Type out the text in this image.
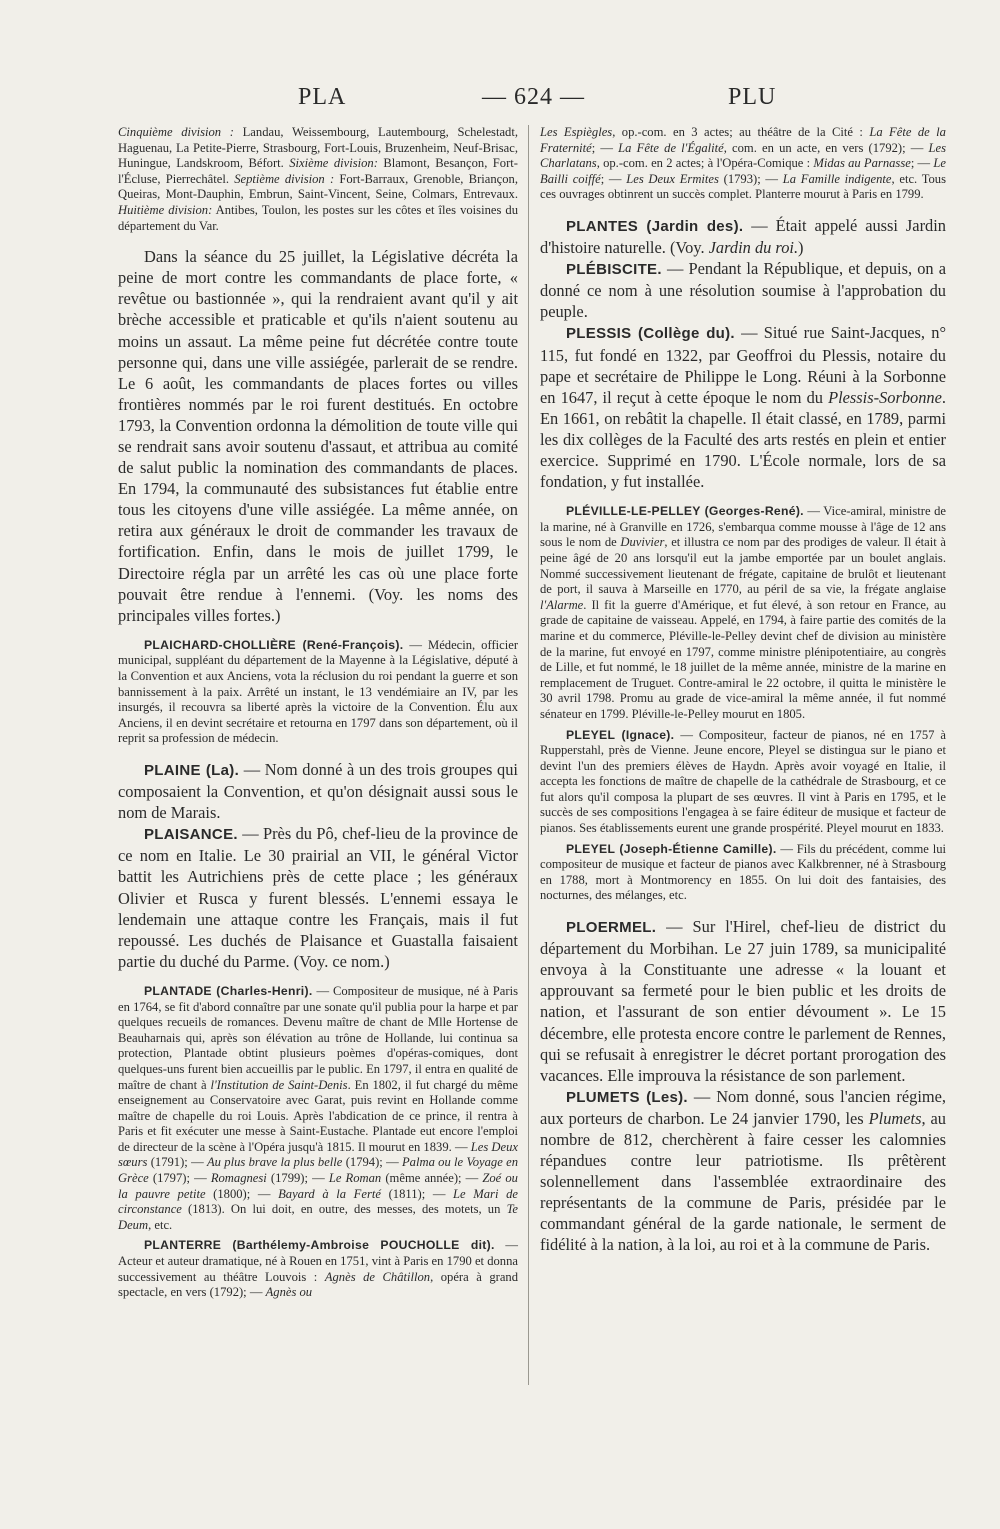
PLA	— 624 —	PLU

Cinquième division : Landau, Weissembourg, Lautembourg, Schelestadt, Haguenau, La Petite-Pierre, Strasbourg, Fort-Louis, Bruzenheim, Neuf-Brisac, Huningue, Landskroom, Béfort. Sixième division: Blamont, Besançon, Fort-l'Écluse, Pierrechâtel. Septième division : Fort-Barraux, Grenoble, Briançon, Queiras, Mont-Dauphin, Embrun, Saint-Vincent, Seine, Colmars, Entrevaux. Huitième division: Antibes, Toulon, les postes sur les côtes et îles voisines du département du Var.

Dans la séance du 25 juillet, la Législative décréta la peine de mort contre les commandants de place forte, « revêtue ou bastionnée », qui la rendraient avant qu'il y ait brèche accessible et praticable et qu'ils n'aient soutenu au moins un assaut. La même peine fut décrétée contre toute personne qui, dans une ville assiégée, parlerait de se rendre. Le 6 août, les commandants de places fortes ou villes frontières nommés par le roi furent destitués. En octobre 1793, la Convention ordonna la démolition de toute ville qui se rendrait sans avoir soutenu d'assaut, et attribua au comité de salut public la nomination des commandants de places. En 1794, la communauté des subsistances fut établie entre tous les citoyens d'une ville assiégée. La même année, on retira aux généraux le droit de commander les travaux de fortification. Enfin, dans le mois de juillet 1799, le Directoire régla par un arrêté les cas où une place forte pouvait être rendue à l'ennemi. (Voy. les noms des principales villes fortes.)

PLAICHARD-CHOLLIÈRE (René-François). — Médecin, officier municipal, suppléant du département de la Mayenne à la Législative, député à la Convention et aux Anciens, vota la réclusion du roi pendant la guerre et son bannissement à la paix. Arrêté un instant, le 13 vendémiaire an IV, par les insurgés, il recouvra sa liberté après la victoire de la Convention. Élu aux Anciens, il en devint secrétaire et retourna en 1797 dans son département, où il reprit sa profession de médecin.

PLAINE (La). — Nom donné à un des trois groupes qui composaient la Convention, et qu'on désignait aussi sous le nom de Marais.

PLAISANCE. — Près du Pô, chef-lieu de la province de ce nom en Italie. Le 30 prairial an VII, le général Victor battit les Autrichiens près de cette place ; les généraux Olivier et Rusca y furent blessés. L'ennemi essaya le lendemain une attaque contre les Français, mais il fut repoussé. Les duchés de Plaisance et Guastalla faisaient partie du duché du Parme. (Voy. ce nom.)

PLANTADE (Charles-Henri). — Compositeur de musique, né à Paris en 1764, se fit d'abord connaître par une sonate qu'il publia pour la harpe et par quelques recueils de romances. Devenu maître de chant de Mlle Hortense de Beauharnais qui, après son élévation au trône de Hollande, lui continua sa protection, Plantade obtint plusieurs poèmes d'opéras-comiques, dont quelques-uns furent bien accueillis par le public. En 1797, il entra en qualité de maître de chant à l'Institution de Saint-Denis. En 1802, il fut chargé du même enseignement au Conservatoire avec Garat, puis revint en Hollande comme maître de chapelle du roi Louis. Après l'abdication de ce prince, il rentra à Paris et fit exécuter une messe à Saint-Eustache. Plantade eut encore l'emploi de directeur de la scène à l'Opéra jusqu'à 1815. Il mourut en 1839. — Les Deux sœurs (1791); — Au plus brave la plus belle (1794); — Palma ou le Voyage en Grèce (1797); — Romagnesi (1799); — Le Roman (même année); — Zoé ou la pauvre petite (1800); — Bayard à la Ferté (1811); — Le Mari de circonstance (1813). On lui doit, en outre, des messes, des motets, un Te Deum, etc.

PLANTERRE (Barthélemy-Ambroise POUCHOLLE dit). — Acteur et auteur dramatique, né à Rouen en 1751, vint à Paris en 1790 et donna successivement au théâtre Louvois : Agnès de Châtillon, opéra à grand spectacle, en vers (1792); — Agnès ou

Les Espiègles, op.-com. en 3 actes; au théâtre de la Cité : La Fête de la Fraternité; — La Fête de l'Égalité, com. en un acte, en vers (1792); — Les Charlatans, op.-com. en 2 actes; à l'Opéra-Comique : Midas au Parnasse; — Le Bailli coiffé; — Les Deux Ermites (1793); — La Famille indigente, etc. Tous ces ouvrages obtinrent un succès complet. Planterre mourut à Paris en 1799.

PLANTES (Jardin des). — Était appelé aussi Jardin d'histoire naturelle. (Voy. Jardin du roi.)

PLÉBISCITE. — Pendant la République, et depuis, on a donné ce nom à une résolution soumise à l'approbation du peuple.

PLESSIS (Collège du). — Situé rue Saint-Jacques, n° 115, fut fondé en 1322, par Geoffroi du Plessis, notaire du pape et secrétaire de Philippe le Long. Réuni à la Sorbonne en 1647, il reçut à cette époque le nom du Plessis-Sorbonne. En 1661, on rebâtit la chapelle. Il était classé, en 1789, parmi les dix collèges de la Faculté des arts restés en plein et entier exercice. Supprimé en 1790. L'École normale, lors de sa fondation, y fut installée.

PLÉVILLE-LE-PELLEY (Georges-René). — Vice-amiral, ministre de la marine, né à Granville en 1726, s'embarqua comme mousse à l'âge de 12 ans sous le nom de Duvivier, et illustra ce nom par des prodiges de valeur. Il était à peine âgé de 20 ans lorsqu'il eut la jambe emportée par un boulet anglais. Nommé successivement lieutenant de frégate, capitaine de brulôt et lieutenant de port, il sauva à Marseille en 1770, au péril de sa vie, la frégate anglaise l'Alarme. Il fit la guerre d'Amérique, et fut élevé, à son retour en France, au grade de capitaine de vaisseau. Appelé, en 1794, à faire partie des comités de la marine et du commerce, Pléville-le-Pelley devint chef de division au ministère de la marine, fut envoyé en 1797, comme ministre plénipotentiaire, au congrès de Lille, et fut nommé, le 18 juillet de la même année, ministre de la marine en remplacement de Truguet. Contre-amiral le 22 octobre, il quitta le ministère le 30 avril 1798. Promu au grade de vice-amiral la même année, il fut nommé sénateur en 1799. Pléville-le-Pelley mourut en 1805.

PLEYEL (Ignace). — Compositeur, facteur de pianos, né en 1757 à Rupperstahl, près de Vienne. Jeune encore, Pleyel se distingua sur le piano et devint l'un des premiers élèves de Haydn. Après avoir voyagé en Italie, il accepta les fonctions de maître de chapelle de la cathédrale de Strasbourg, et ce fut alors qu'il composa la plupart de ses œuvres. Il vint à Paris en 1795, et le succès de ses compositions l'engagea à se faire éditeur de musique et facteur de pianos. Ses établissements eurent une grande prospérité. Pleyel mourut en 1833.

PLEYEL (Joseph-Étienne Camille). — Fils du précédent, comme lui compositeur de musique et facteur de pianos avec Kalkbrenner, né à Strasbourg en 1788, mort à Montmorency en 1855. On lui doit des fantaisies, des nocturnes, des mélanges, etc.

PLOERMEL. — Sur l'Hirel, chef-lieu de district du département du Morbihan. Le 27 juin 1789, sa municipalité envoya à la Constituante une adresse « la louant et approuvant sa fermeté pour le bien public et les droits de nation, et l'assurant de son entier dévoument ». Le 15 décembre, elle protesta encore contre le parlement de Rennes, qui se refusait à enregistrer le décret portant prorogation des vacances. Elle improuva la résistance de son parlement.

PLUMETS (Les). — Nom donné, sous l'ancien régime, aux porteurs de charbon. Le 24 janvier 1790, les Plumets, au nombre de 812, cherchèrent à faire cesser les calomnies répandues contre leur patriotisme. Ils prêtèrent solennellement dans l'assemblée extraordinaire des représentants de la commune de Paris, présidée par le commandant général de la garde nationale, le serment de fidélité à la nation, à la loi, au roi et à la commune de Paris.
